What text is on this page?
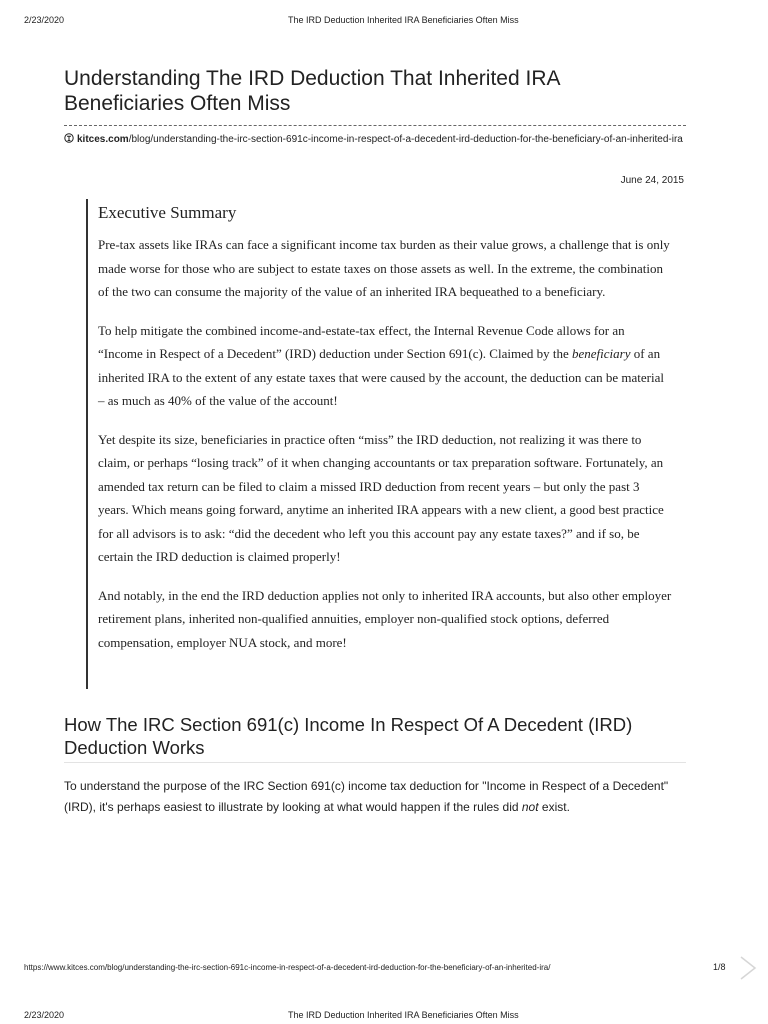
2/23/2020	The IRD Deduction Inherited IRA Beneficiaries Often Miss
Understanding The IRD Deduction That Inherited IRA Beneficiaries Often Miss
kitces.com/blog/understanding-the-irc-section-691c-income-in-respect-of-a-decedent-ird-deduction-for-the-beneficiary-of-an-inherited-ira
June 24, 2015
Executive Summary

Pre-tax assets like IRAs can face a significant income tax burden as their value grows, a challenge that is only made worse for those who are subject to estate taxes on those assets as well. In the extreme, the combination of the two can consume the majority of the value of an inherited IRA bequeathed to a beneficiary.

To help mitigate the combined income-and-estate-tax effect, the Internal Revenue Code allows for an “Income in Respect of a Decedent” (IRD) deduction under Section 691(c). Claimed by the beneficiary of an inherited IRA to the extent of any estate taxes that were caused by the account, the deduction can be material – as much as 40% of the value of the account!

Yet despite its size, beneficiaries in practice often “miss” the IRD deduction, not realizing it was there to claim, or perhaps “losing track” of it when changing accountants or tax preparation software. Fortunately, an amended tax return can be filed to claim a missed IRD deduction from recent years – but only the past 3 years. Which means going forward, anytime an inherited IRA appears with a new client, a good best practice for all advisors is to ask: “did the decedent who left you this account pay any estate taxes?” and if so, be certain the IRD deduction is claimed properly!

And notably, in the end the IRD deduction applies not only to inherited IRA accounts, but also other employer retirement plans, inherited non-qualified annuities, employer non-qualified stock options, deferred compensation, employer NUA stock, and more!

How The IRC Section 691(c) Income In Respect Of A Decedent (IRD) Deduction Works

To understand the purpose of the IRC Section 691(c) income tax deduction for "Income in Respect of a Decedent" (IRD), it's perhaps easiest to illustrate by looking at what would happen if the rules did not exist.

https://www.kitces.com/blog/understanding-the-irc-section-691c-income-in-respect-of-a-decedent-ird-deduction-for-the-beneficiary-of-an-inherited-ira/	1/8
2/23/2020	The IRD Deduction Inherited IRA Beneficiaries Often Miss
